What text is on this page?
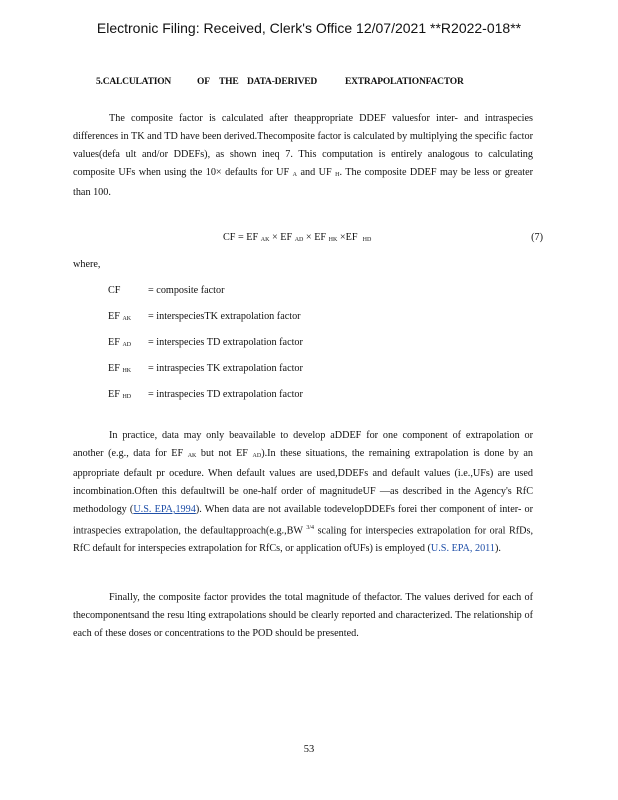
Electronic Filing: Received, Clerk's Office 12/07/2021 **R2022-018**
5.CALCULATION	OF THE DATA-DERIVED	EXTRAPOLATIONFACTOR
The composite factor is calculated after theappropriate DDEF valuesfor inter- and intraspecies differences in TK and TD have been derived.Thecomposite factor is calculated by multiplying the specific factor values(defa ult and/or DDEFs), as shown ineq 7. This computation is entirely analogous to calculating composite UFs when using the 10× defaults for UF $_A$ and UF $_H$. The composite DDEF may be less or greater than 100.
CF = EF $_{AK}$ × EF $_{AD}$ × EF $_{HK}$ ×EF $_{HD}$	(7)
where,
CF	= composite factor
EF $_{AK}$ = interspeciesTK extrapolation factor
EF $_{AD}$ = interspecies TD extrapolation factor
EF $_{HK}$ = intraspecies TK extrapolation factor
EF $_{HD}$ = intraspecies TD extrapolation factor
In practice, data may only beavailable to develop aDDEF for one component of extrapolation or another (e.g., data for EF $_{AK}$ but not EF $_{AD}$).In these situations, the remaining extrapolation is done by an appropriate default pr ocedure. When default values are used,DDEFs and default values (i.e.,UFs) are used incombination.Often this defaultwill be one-half order of magnitudeUF —as described in the Agency's RfC methodology (U.S. EPA,1994). When data are not available todevelopDDEFs forei ther component of inter- or intraspecies extrapolation, the defaultapproach(e.g.,BW $^{3/4}$ scaling for interspecies extrapolation for oral RfDs, RfC default for interspecies extrapolation for RfCs, or application ofUFs) is employed (U.S. EPA, 2011).
Finally, the composite factor provides the total magnitude of thefactor. The values derived for each of thecomponentsand the resu lting extrapolations should be clearly reported and characterized. The relationship of each of these doses or concentrations to the POD should be presented.
53
